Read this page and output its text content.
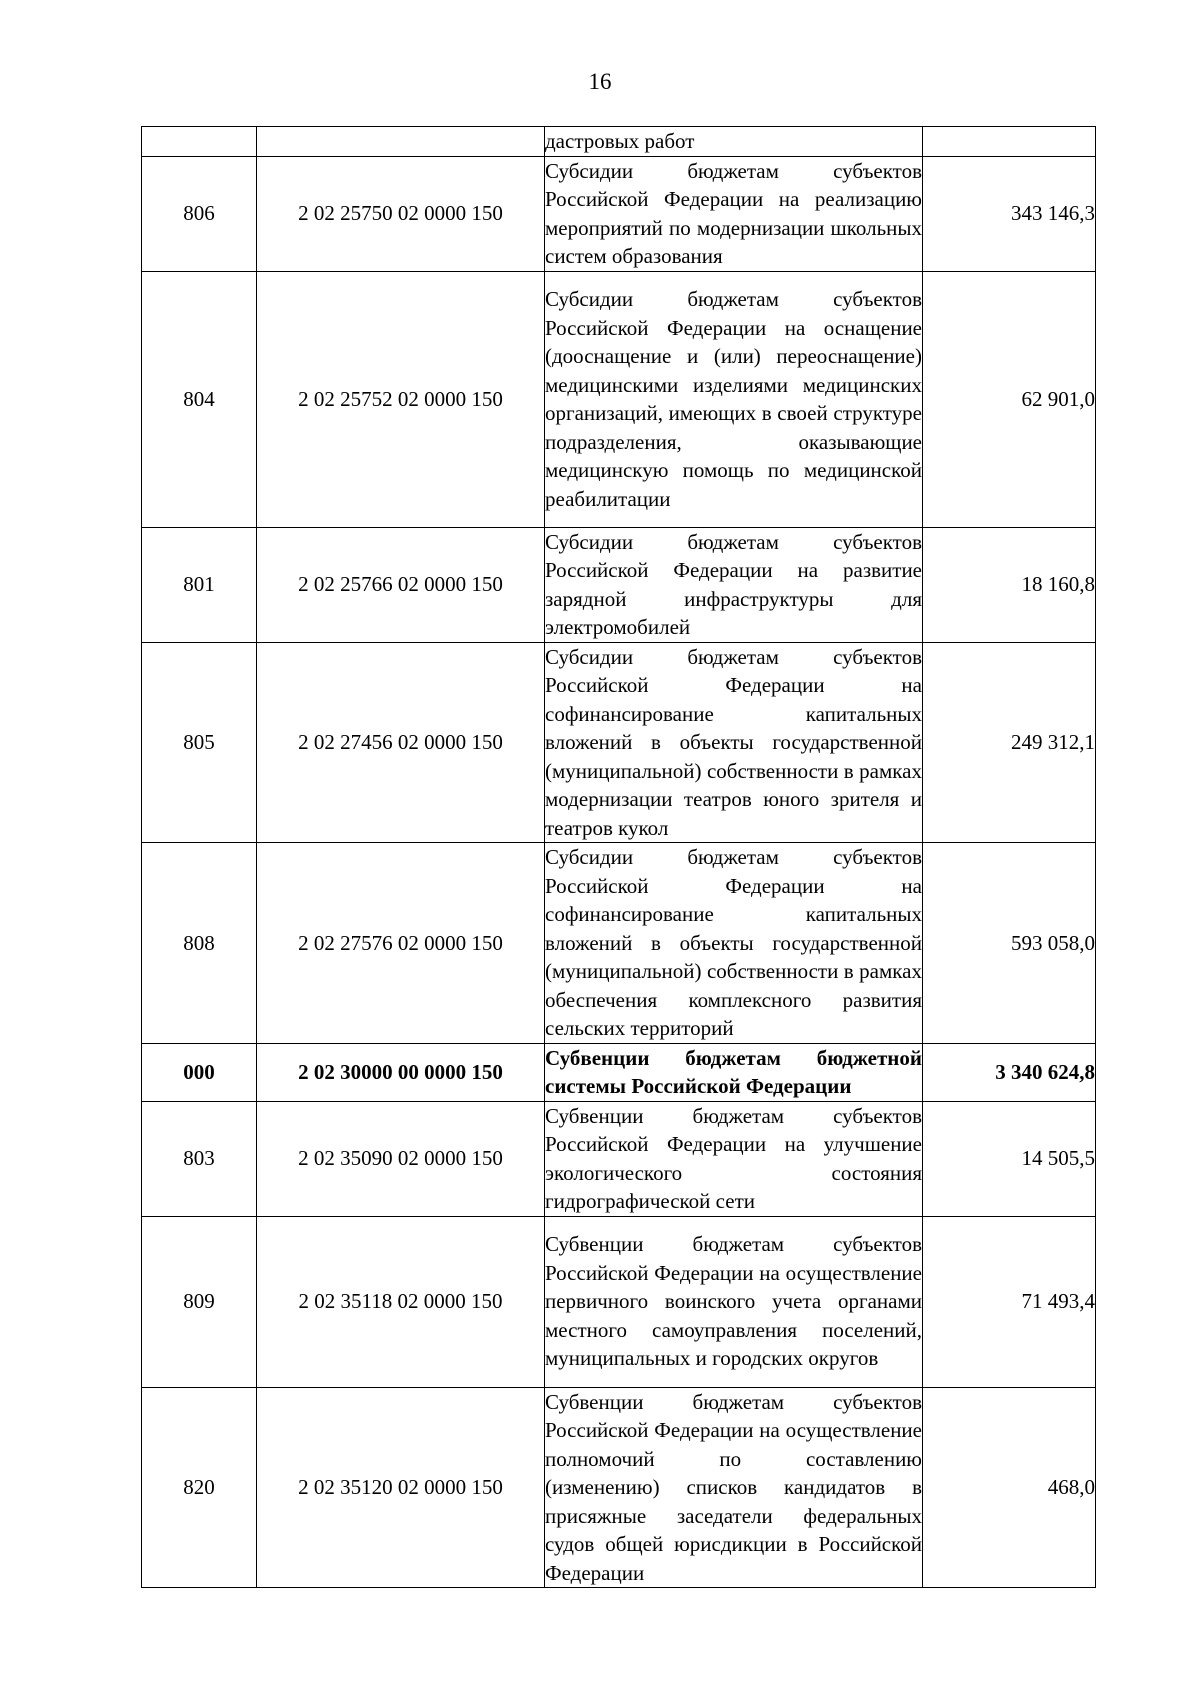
16
		дастровых работ	
806	2 02 25750 02 0000 150	Субсидии бюджетам субъектов Российской Федерации на реализацию мероприятий по модернизации школьных систем образования	343 146,3
804	2 02 25752 02 0000 150	Субсидии бюджетам субъектов Российской Федерации на оснащение (дооснащение и (или) переоснащение) медицинскими изделиями медицинских организаций, имеющих в своей структуре подразделения, оказывающие медицинскую помощь по медицинской реабилитации	62 901,0
801	2 02 25766 02 0000 150	Субсидии бюджетам субъектов Российской Федерации на развитие зарядной инфраструктуры для электромобилей	18 160,8
805	2 02 27456 02 0000 150	Субсидии бюджетам субъектов Российской Федерации на софинансирование капитальных вложений в объекты государственной (муниципальной) собственности в рамках модернизации театров юного зрителя и театров кукол	249 312,1
808	2 02 27576 02 0000 150	Субсидии бюджетам субъектов Российской Федерации на софинансирование капитальных вложений в объекты государственной (муниципальной) собственности в рамках обеспечения комплексного развития сельских территорий	593 058,0
000	2 02 30000 00 0000 150	Субвенции бюджетам бюджетной системы Российской Федерации	3 340 624,8
803	2 02 35090 02 0000 150	Субвенции бюджетам субъектов Российской Федерации на улучшение экологического состояния гидрографической сети	14 505,5
809	2 02 35118 02 0000 150	Субвенции бюджетам субъектов Российской Федерации на осуществление первичного воинского учета органами местного самоуправления поселений, муниципальных и городских округов	71 493,4
820	2 02 35120 02 0000 150	Субвенции бюджетам субъектов Российской Федерации на осуществление полномочий по составлению (изменению) списков кандидатов в присяжные заседатели федеральных судов общей юрисдикции в Российской Федерации	468,0
